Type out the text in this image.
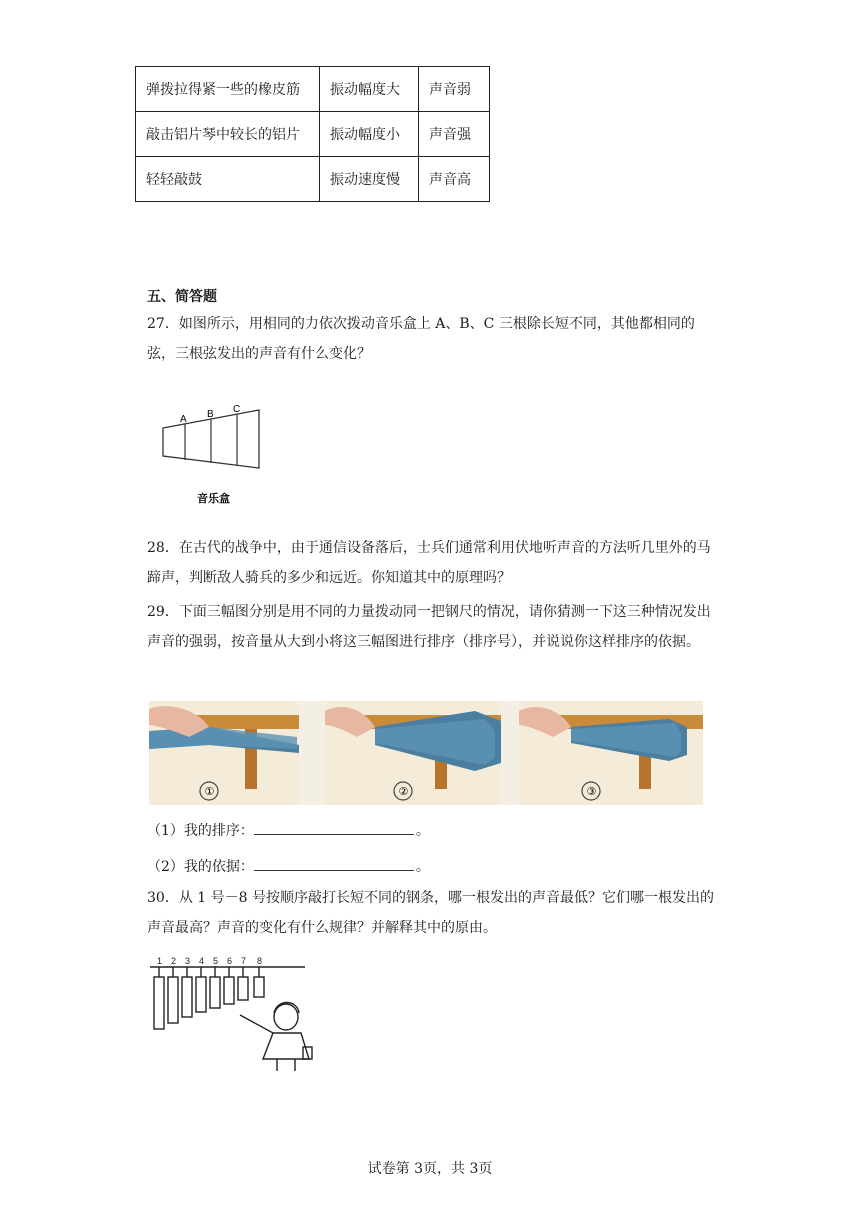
弹拨拉得紧一些的橡皮筋	振动幅度大	声音弱
敲击铝片琴中较长的铝片	振动幅度小	声音强
轻轻敲鼓	振动速度慢	声音高
五、简答题
27．如图所示，用相同的力依次拨动音乐盒上 A、B、C 三根除长短不同，其他都相同的弦，三根弦发出的声音有什么变化？
A B C
音乐盒
28．在古代的战争中，由于通信设备落后，士兵们通常利用伏地听声音的方法听几里外的马蹄声，判断敌人骑兵的多少和远近。你知道其中的原理吗？
29．下面三幅图分别是用不同的力量拨动同一把钢尺的情况，请你猜测一下这三种情况发出声音的强弱，按音量从大到小将这三幅图进行排序（排序号），并说说你这样排序的依据。
①	②	③
（1）我的排序：	。
（2）我的依据：	。
30．从 1 号－8 号按顺序敲打长短不同的钢条，哪一根发出的声音最低？它们哪一根发出的声音最高？声音的变化有什么规律？并解释其中的原由。
1 2 3 4 5 6 7 8
试卷第 3页，共 3页
